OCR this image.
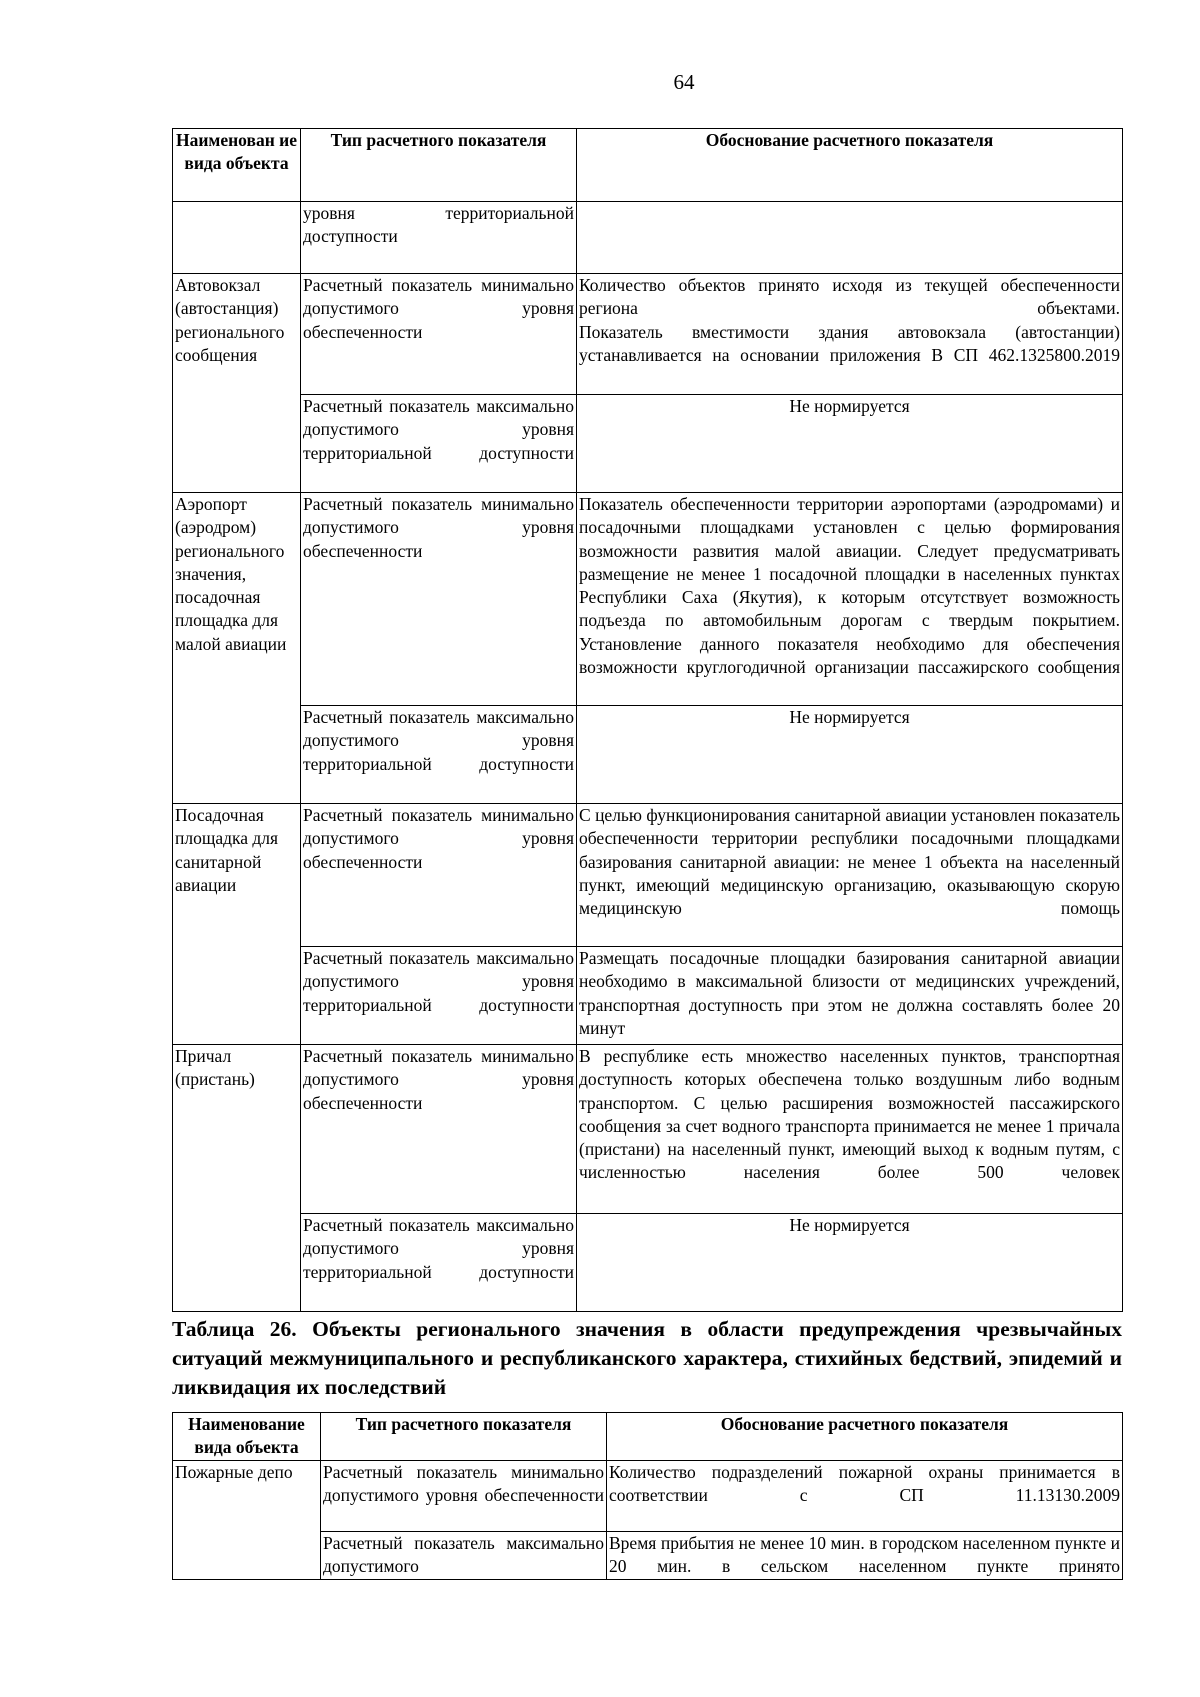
64
Наименован ие вида объекта	Тип расчетного показателя	Обоснование расчетного показателя
	уровня территориальной доступности	
Автовокзал (автостанция) регионального сообщения	Расчетный показатель минимально допустимого уровня обеспеченности	Количество объектов принято исходя из текущей обеспеченности региона объектами.
Показатель вместимости здания автовокзала (автостанции) устанавливается на основании приложения В СП 462.1325800.2019

	Расчетный показатель максимально допустимого уровня территориальной доступности	Не нормируется
Аэропорт (аэродром) регионального значения, посадочная площадка для малой авиации	Расчетный показатель минимально допустимого уровня обеспеченности	Показатель обеспеченности территории аэропортами (аэродромами) и посадочными площадками установлен с целью формирования возможности развития малой авиации. Следует предусматривать размещение не менее 1 посадочной площадки в населенных пунктах Республики Саха (Якутия), к которым отсутствует возможность подъезда по автомобильным дорогам с твердым покрытием. Установление данного показателя необходимо для обеспечения возможности круглогодичной организации пассажирского сообщения
	Расчетный показатель максимально допустимого уровня территориальной доступности	Не нормируется
Посадочная площадка для санитарной авиации	Расчетный показатель минимально допустимого уровня обеспеченности	С целью функционирования санитарной авиации установлен показатель обеспеченности территории республики посадочными площадками базирования санитарной авиации: не менее 1 объекта на населенный пункт, имеющий медицинскую организацию, оказывающую скорую медицинскую помощь
	Расчетный показатель максимально допустимого уровня территориальной доступности	Размещать посадочные площадки базирования санитарной авиации необходимо в максимальной близости от медицинских учреждений, транспортная доступность при этом не должна составлять более 20 минут
Причал (пристань)	Расчетный показатель минимально допустимого уровня обеспеченности	В республике есть множество населенных пунктов, транспортная доступность которых обеспечена только воздушным либо водным транспортом. С целью расширения возможностей пассажирского сообщения за счет водного транспорта принимается не менее 1 причала (пристани) на населенный пункт, имеющий выход к водным путям, с численностью населения более 500 человек
	Расчетный показатель максимально допустимого уровня территориальной доступности	Не нормируется
Таблица 26. Объекты регионального значения в области предупреждения чрезвычайных ситуаций межмуниципального и республиканского характера, стихийных бедствий, эпидемий и ликвидация их последствий
Наименование вида объекта	Тип расчетного показателя	Обоснование расчетного показателя
Пожарные депо	Расчетный показатель минимально допустимого уровня обеспеченности	Количество подразделений пожарной охраны принимается в соответствии с СП 11.13130.2009
	Расчетный показатель максимально допустимого	Время прибытия не менее 10 мин. в городском населенном пункте и 20 мин. в сельском населенном пункте принято
